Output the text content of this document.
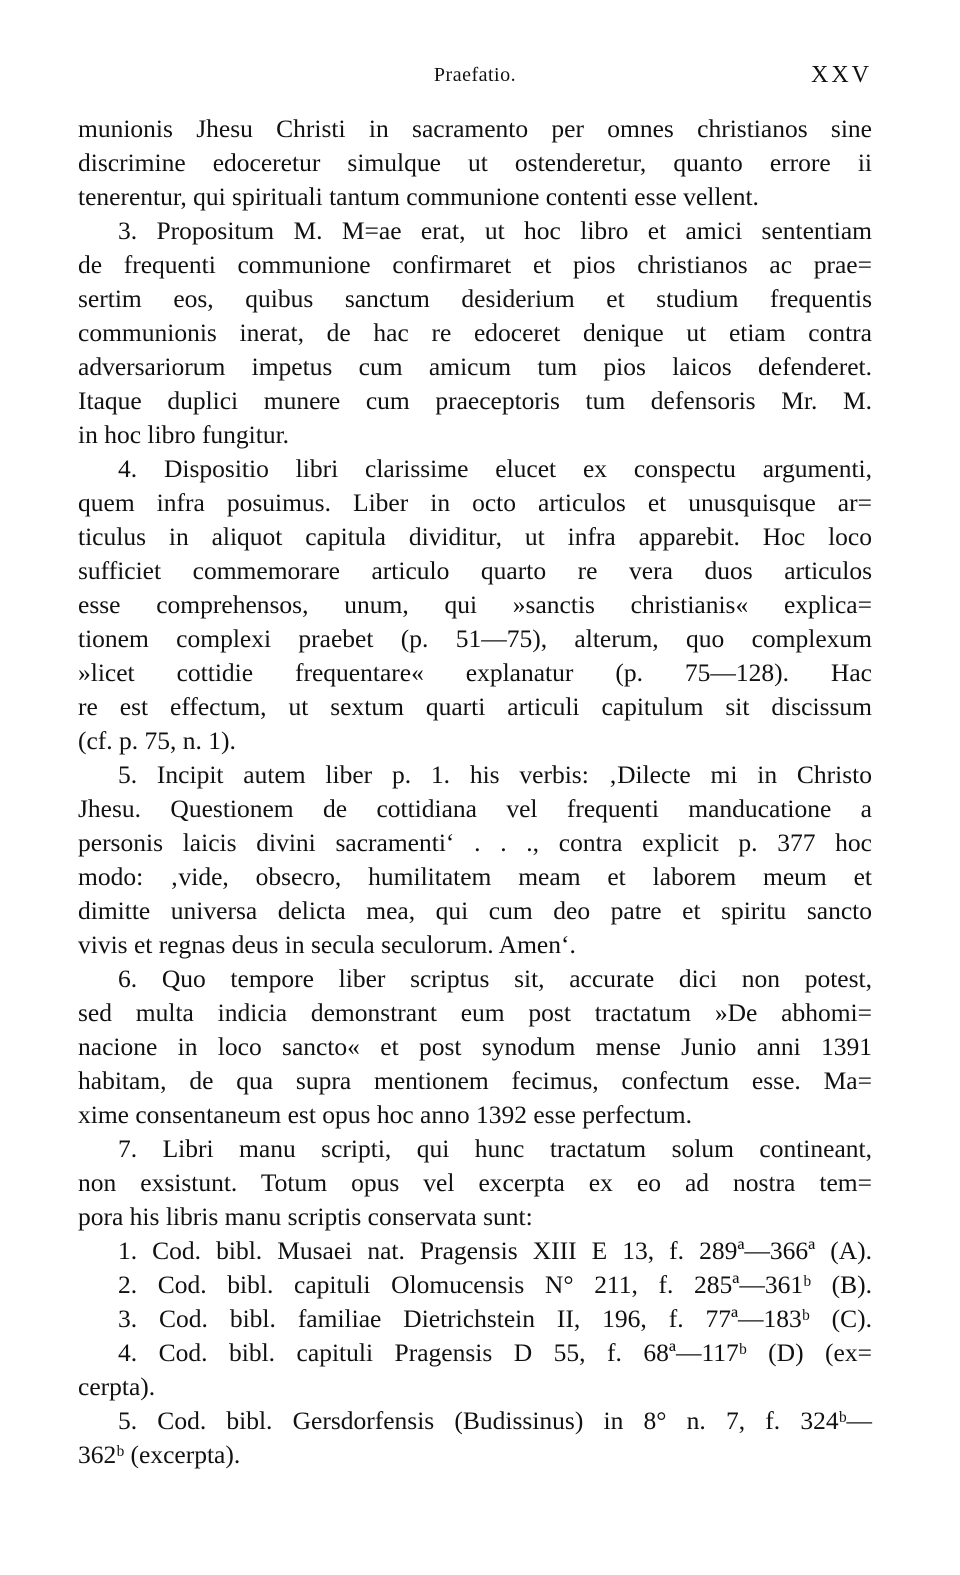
Praefatio.	XXV
munionis Jhesu Christi in sacramento per omnes christianos sine
discrimine edoceretur simulque ut ostenderetur, quanto errore ii
tenerentur, qui spirituali tantum communione contenti esse vellent.
3. Propositum M. M=ae erat, ut hoc libro et amici sententiam
de frequenti communione confirmaret et pios christianos ac prae=
sertim eos, quibus sanctum desiderium et studium frequentis
communionis inerat, de hac re edoceret denique ut etiam contra
adversariorum impetus cum amicum tum pios laicos defenderet.
Itaque duplici munere cum praeceptoris tum defensoris Mr. M.
in hoc libro fungitur.
4. Dispositio libri clarissime elucet ex conspectu argumenti,
quem infra posuimus. Liber in octo articulos et unusquisque ar=
ticulus in aliquot capitula dividitur, ut infra apparebit. Hoc loco
sufficiet commemorare articulo quarto re vera duos articulos
esse comprehensos, unum, qui »sanctis christianis« explica=
tionem complexi praebet (p. 51—75), alterum, quo complexum
»licet cottidie frequentare« explanatur (p. 75—128). Hac
re est effectum, ut sextum quarti articuli capitulum sit discissum
(cf. p. 75, n. 1).
5. Incipit autem liber p. 1. his verbis: ‚Dilecte mi in Christo
Jhesu. Questionem de cottidiana vel frequenti manducatione a
personis laicis divini sacramenti‘ . . ., contra explicit p. 377 hoc
modo: ‚vide, obsecro, humilitatem meam et laborem meum et
dimitte universa delicta mea, qui cum deo patre et spiritu sancto
vivis et regnas deus in secula seculorum. Amen‘.
6. Quo tempore liber scriptus sit, accurate dici non potest,
sed multa indicia demonstrant eum post tractatum »De abhomi=
nacione in loco sancto« et post synodum mense Junio anni 1391
habitam, de qua supra mentionem fecimus, confectum esse. Ma=
xime consentaneum est opus hoc anno 1392 esse perfectum.
7. Libri manu scripti, qui hunc tractatum solum contineant,
non exsistunt. Totum opus vel excerpta ex eo ad nostra tem=
pora his libris manu scriptis conservata sunt:
1. Cod. bibl. Musaei nat. Pragensis XIII E 13, f. 289ª—366ª (A).
2. Cod. bibl. capituli Olomucensis N° 211, f. 285ª—361ᵇ (B).
3. Cod. bibl. familiae Dietrichstein II, 196, f. 77ª—183ᵇ (C).
4. Cod. bibl. capituli Pragensis D 55, f. 68ª—117ᵇ (D) (ex=
cerpta).
5. Cod. bibl. Gersdorfensis (Budissinus) in 8° n. 7, f. 324ᵇ—
362ᵇ (excerpta).
